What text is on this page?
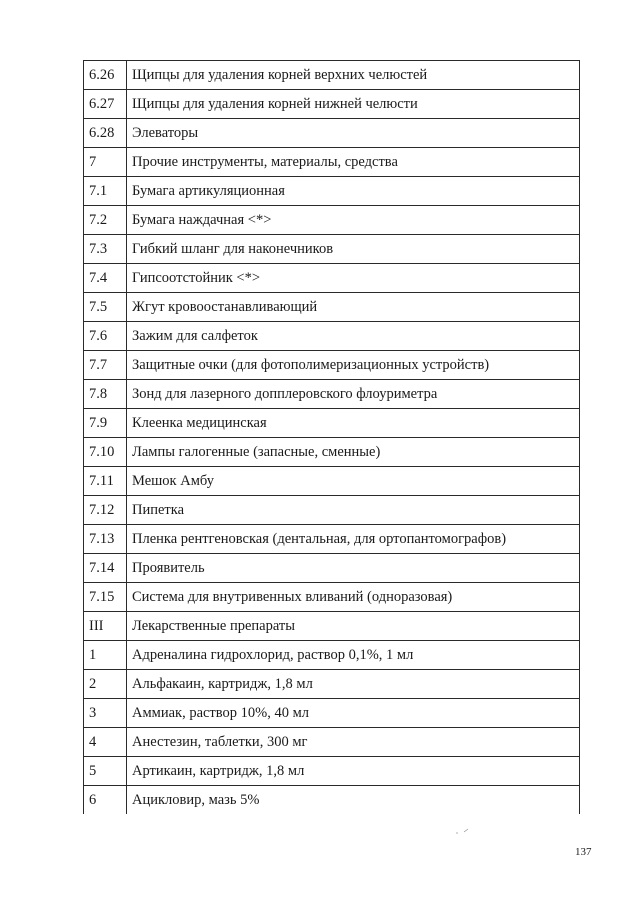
6.26	Щипцы для удаления корней верхних челюстей
6.27	Щипцы для удаления корней нижней челюсти
6.28	Элеваторы
7	Прочие инструменты, материалы, средства
7.1	Бумага артикуляционная
7.2	Бумага наждачная <*>
7.3	Гибкий шланг для наконечников
7.4	Гипсоотстойник <*>
7.5	Жгут кровоостанавливающий
7.6	Зажим для салфеток
7.7	Защитные очки (для фотополимеризационных устройств)
7.8	Зонд для лазерного допплеровского флоуриметра
7.9	Клеенка медицинская
7.10	Лампы галогенные (запасные, сменные)
7.11	Мешок Амбу
7.12	Пипетка
7.13	Пленка рентгеновская (дентальная, для ортопантомографов)
7.14	Проявитель
7.15	Система для внутривенных вливаний (одноразовая)
III	Лекарственные препараты
1	Адреналина гидрохлорид, раствор 0,1%, 1 мл
2	Альфакаин, картридж, 1,8 мл
3	Аммиак, раствор 10%, 40 мл
4	Анестезин, таблетки, 300 мг
5	Артикаин, картридж, 1,8 мл
6	Ацикловир, мазь 5%
137
